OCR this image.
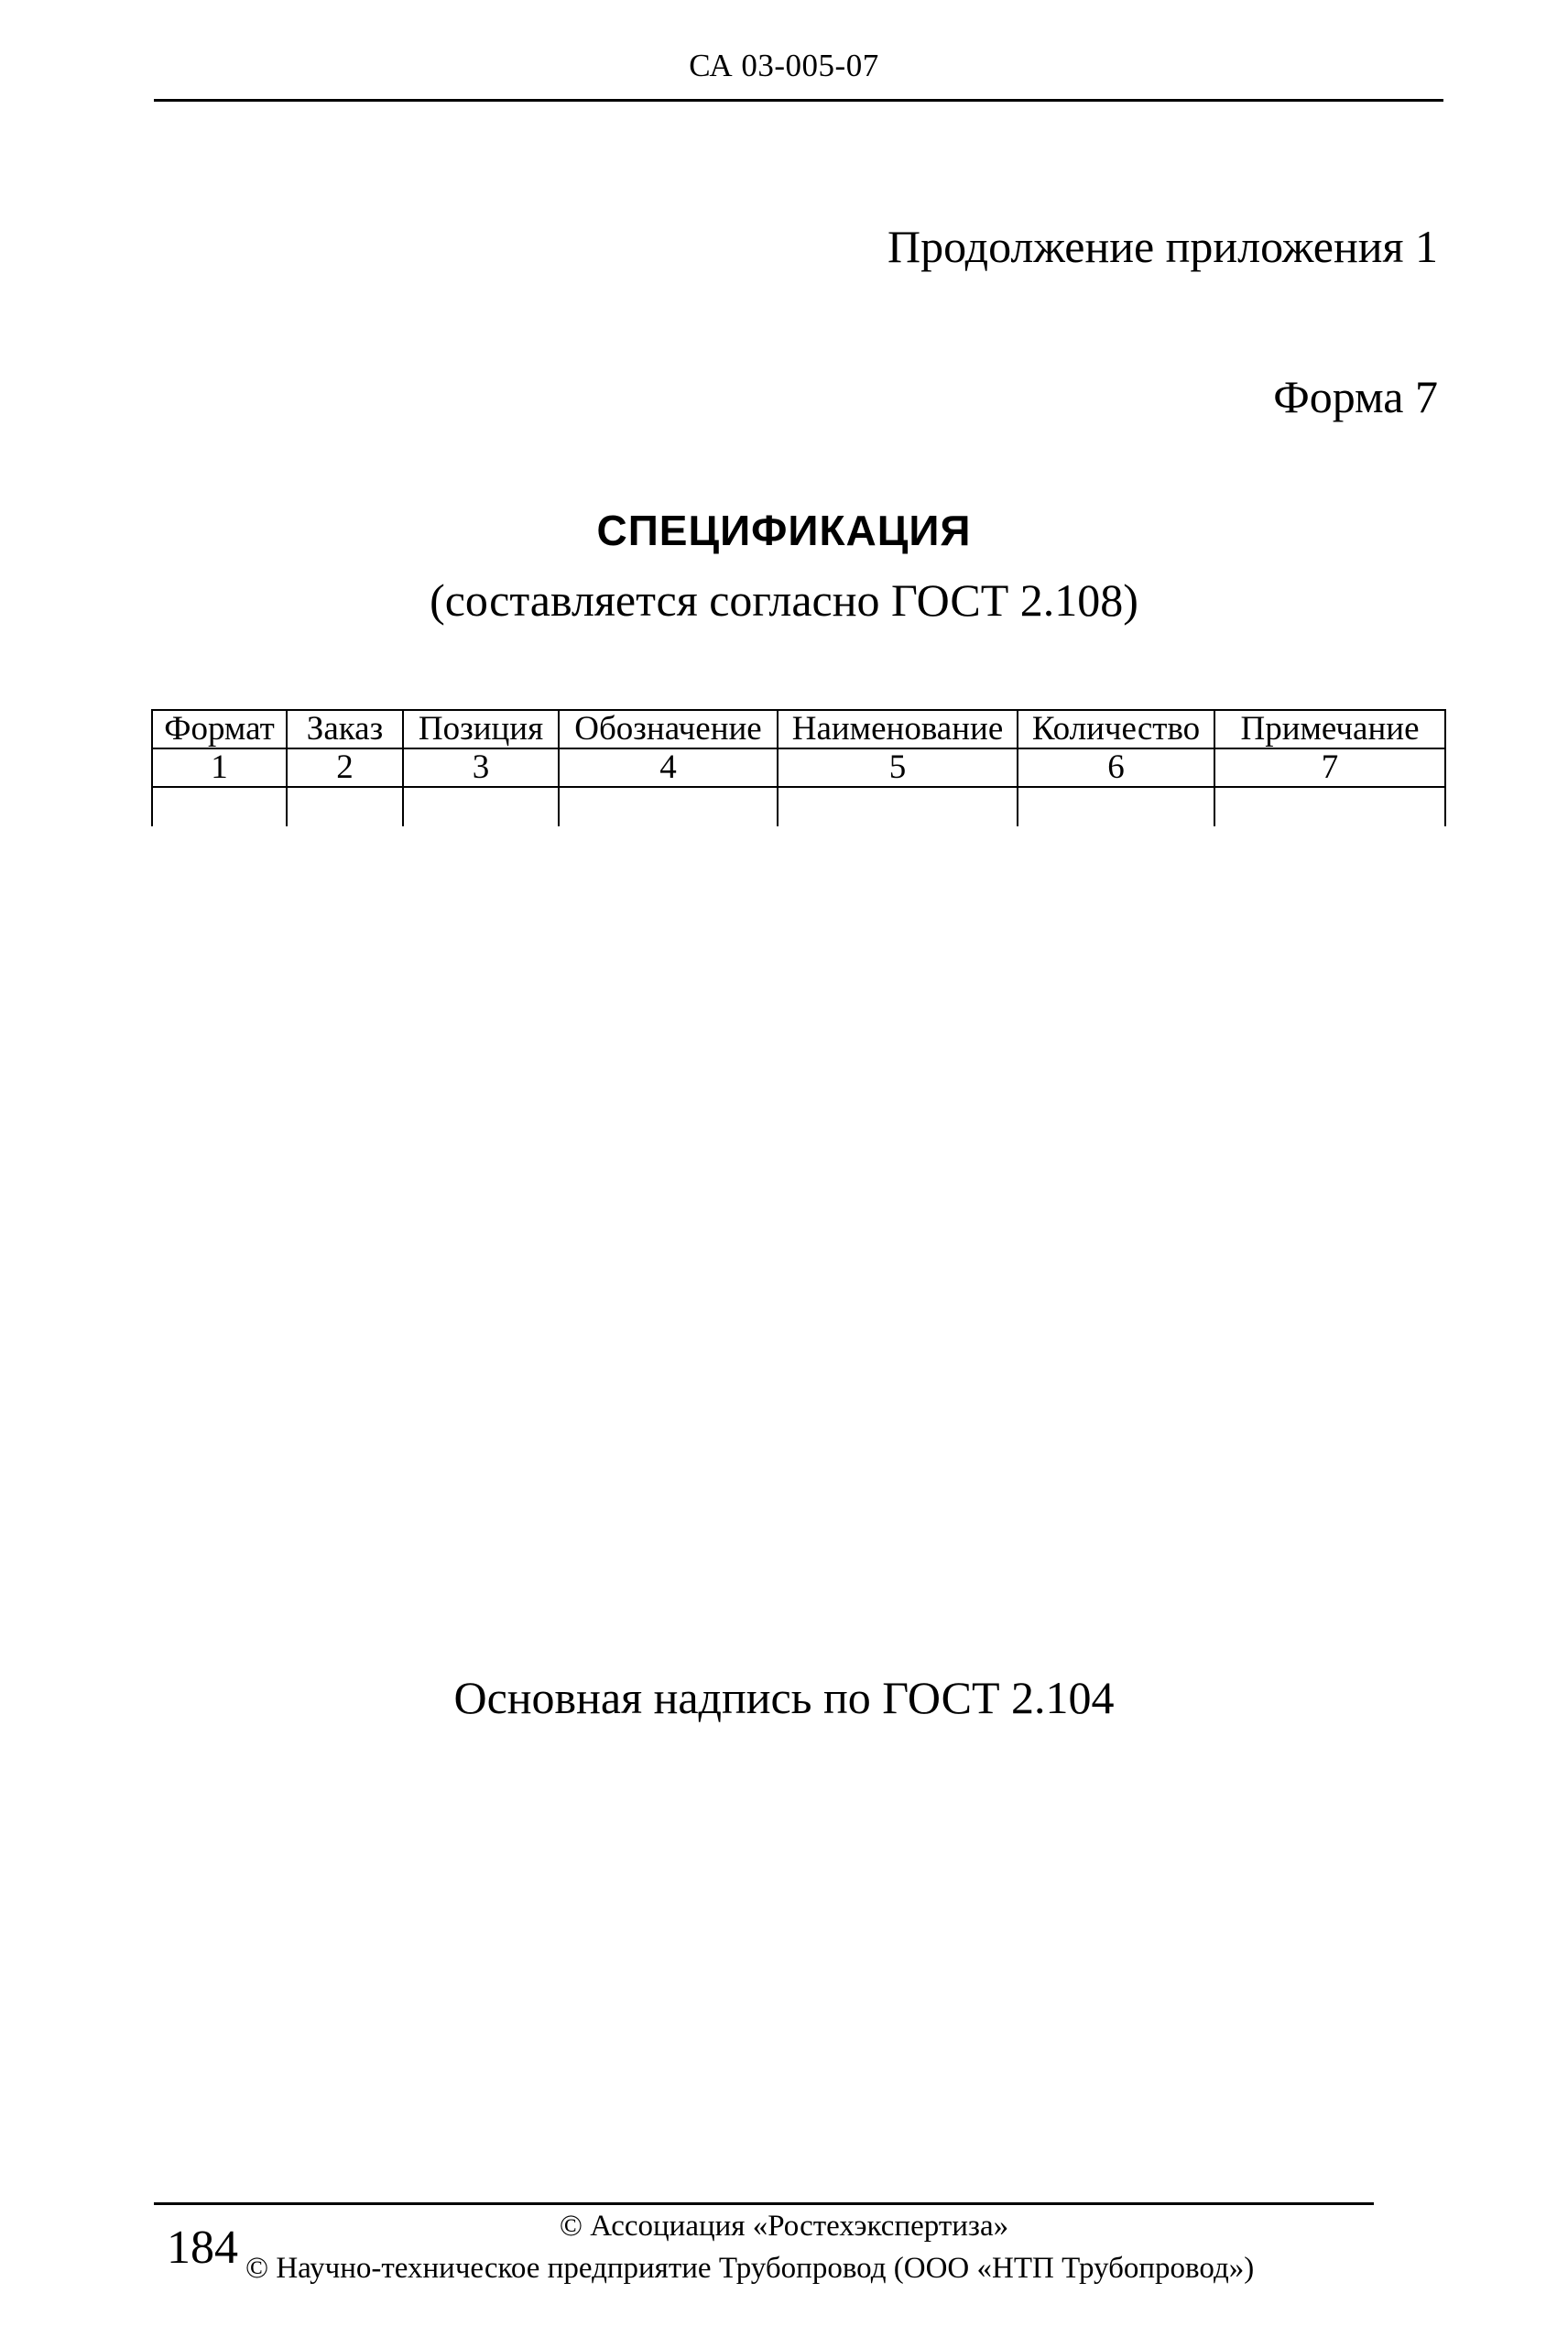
СА 03-005-07
Продолжение приложения 1
Форма 7
СПЕЦИФИКАЦИЯ
(составляется согласно ГОСТ 2.108)
Формат	Заказ	Позиция	Обозначение	Наименование	Количество	Примечание
1	2	3	4	5	6	7

Основная надпись по ГОСТ 2.104
184	© Ассоциация «Ростехэкспертиза»
© Научно-техническое предприятие Трубопровод (ООО «НТП Трубопровод»)
